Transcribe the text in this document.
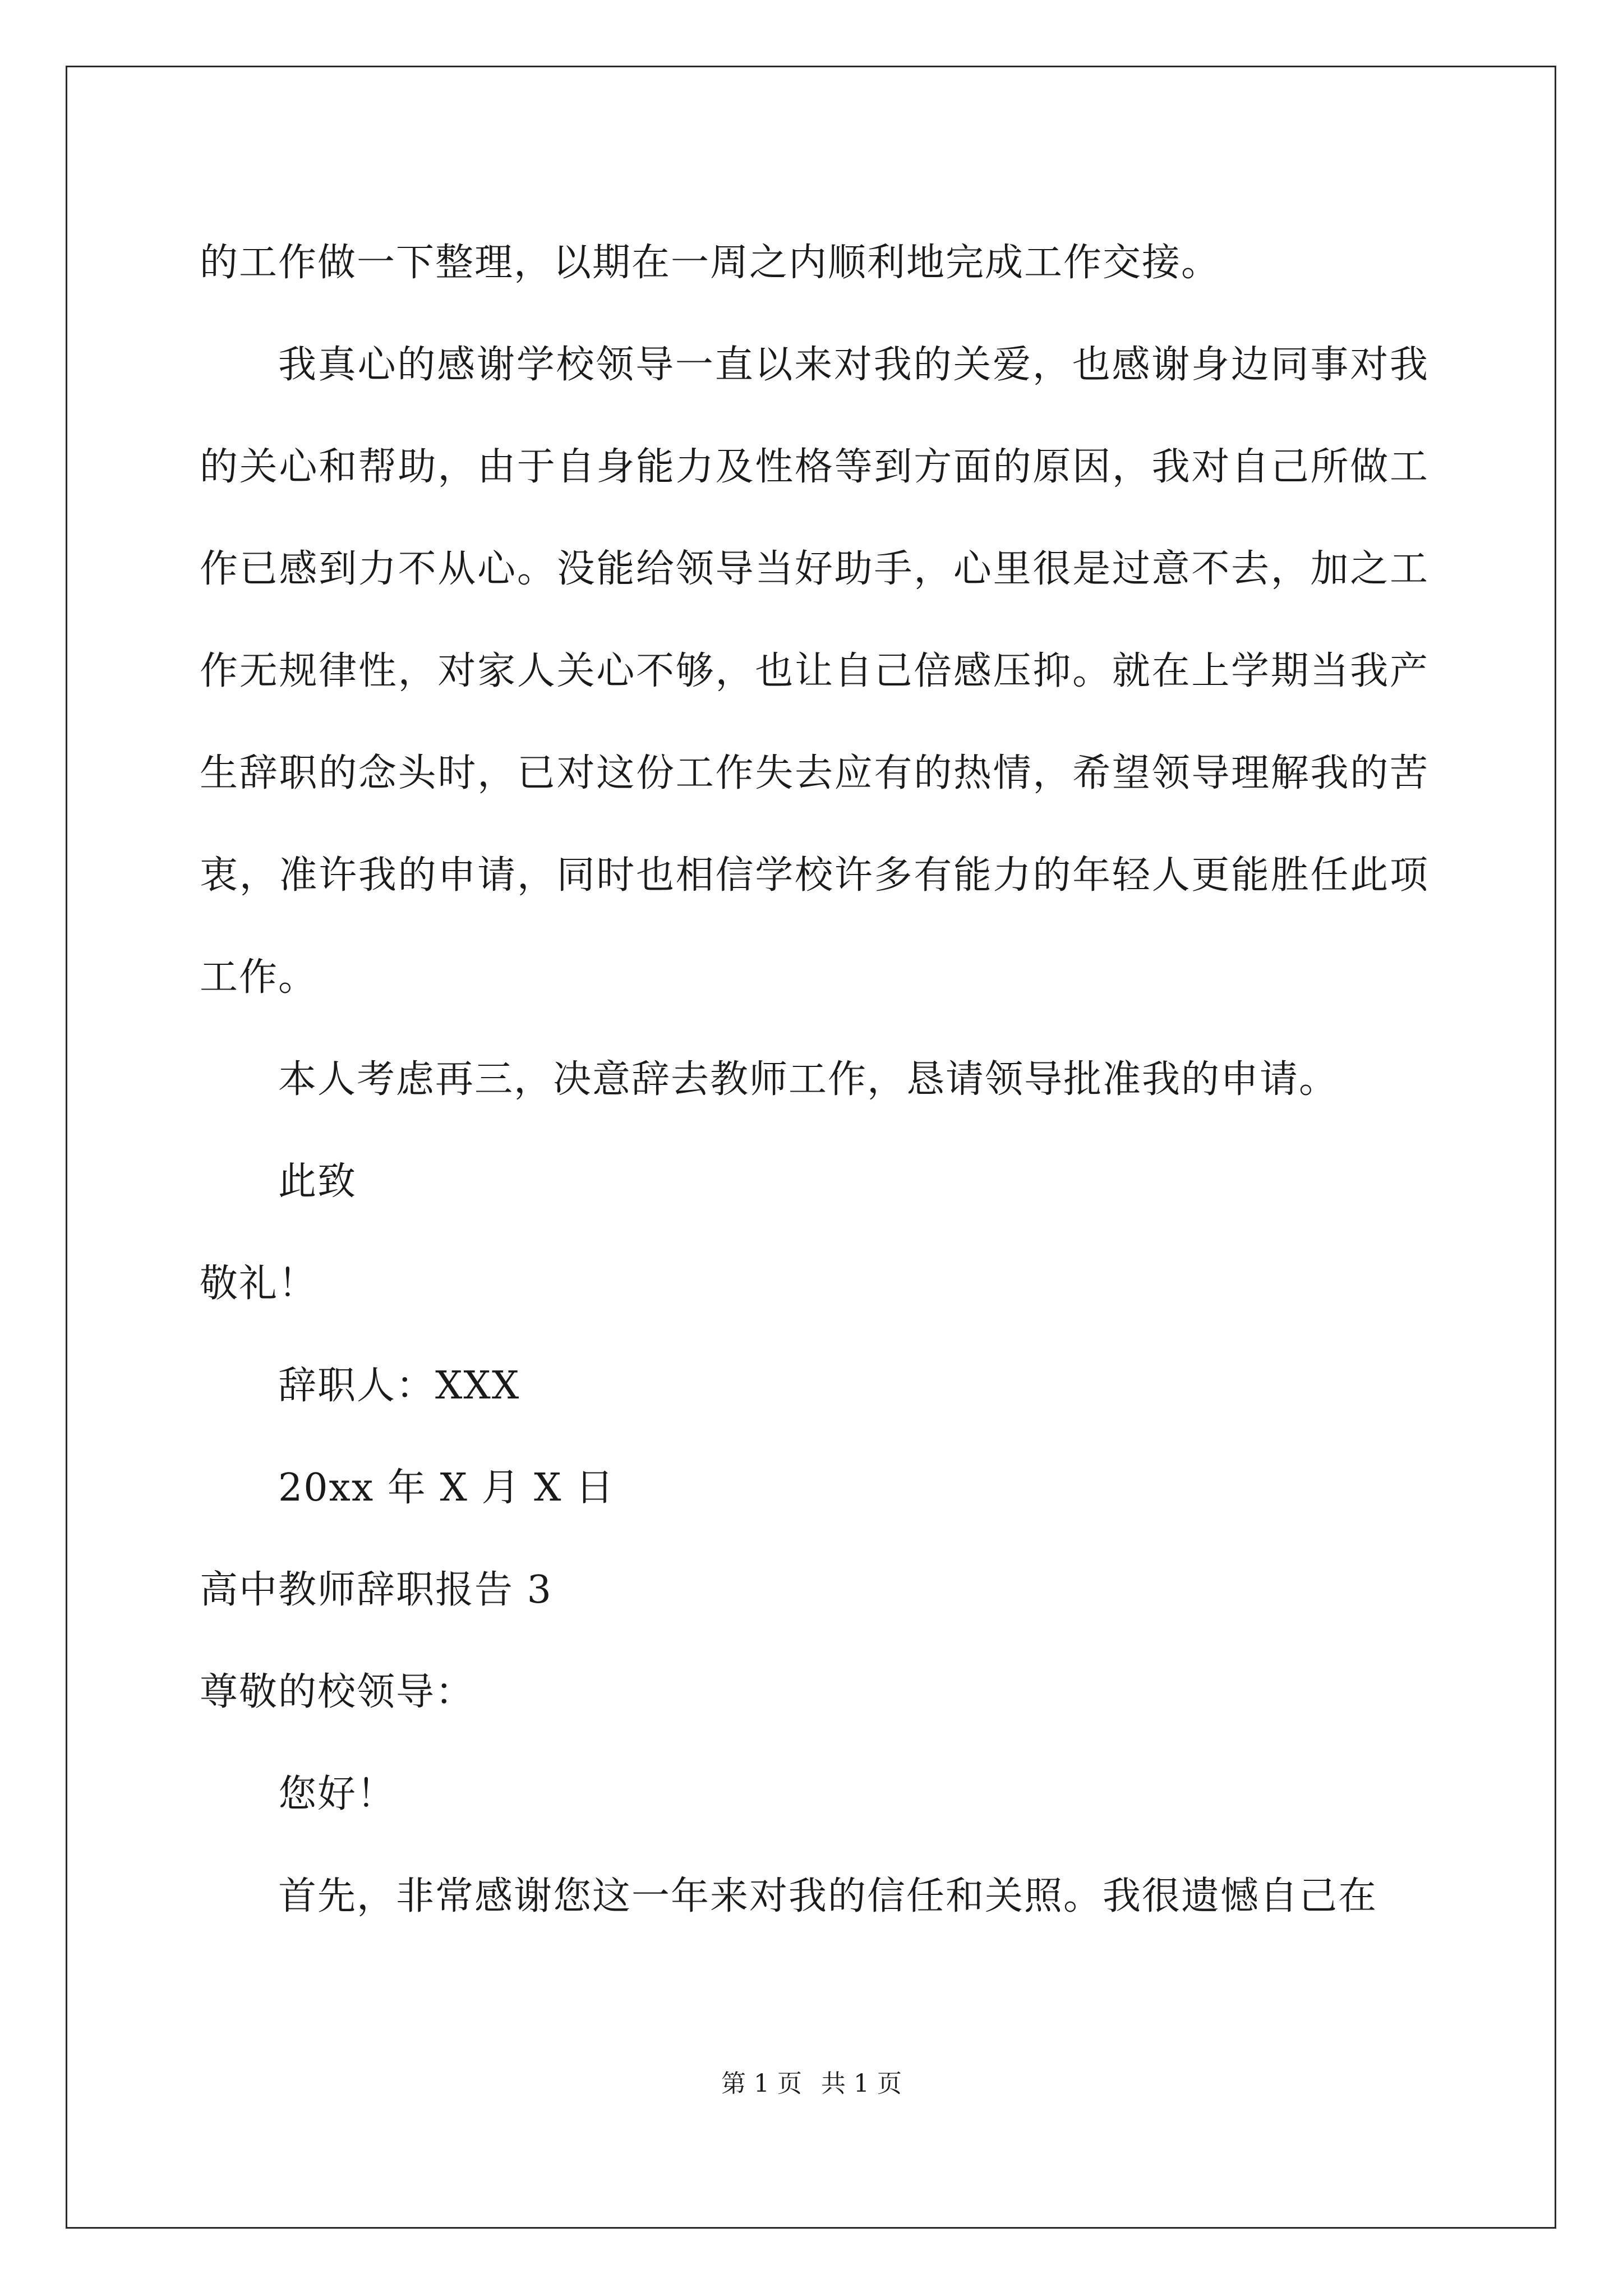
的工作做一下整理，以期在一周之内顺利地完成工作交接。

我真心的感谢学校领导一直以来对我的关爱，也感谢身边同事对我的关心和帮助，由于自身能力及性格等到方面的原因，我对自己所做工作已感到力不从心。没能给领导当好助手，心里很是过意不去，加之工作无规律性，对家人关心不够，也让自己倍感压抑。就在上学期当我产生辞职的念头时，已对这份工作失去应有的热情，希望领导理解我的苦衷，准许我的申请，同时也相信学校许多有能力的年轻人更能胜任此项工作。

本人考虑再三，决意辞去教师工作，恳请领导批准我的申请。

此致

敬礼！

辞职人：XXX

20xx 年 X 月 X 日

高中教师辞职报告 3

尊敬的校领导：

您好！

首先，非常感谢您这一年来对我的信任和关照。我很遗憾自己在

第 1 页 共 1 页
